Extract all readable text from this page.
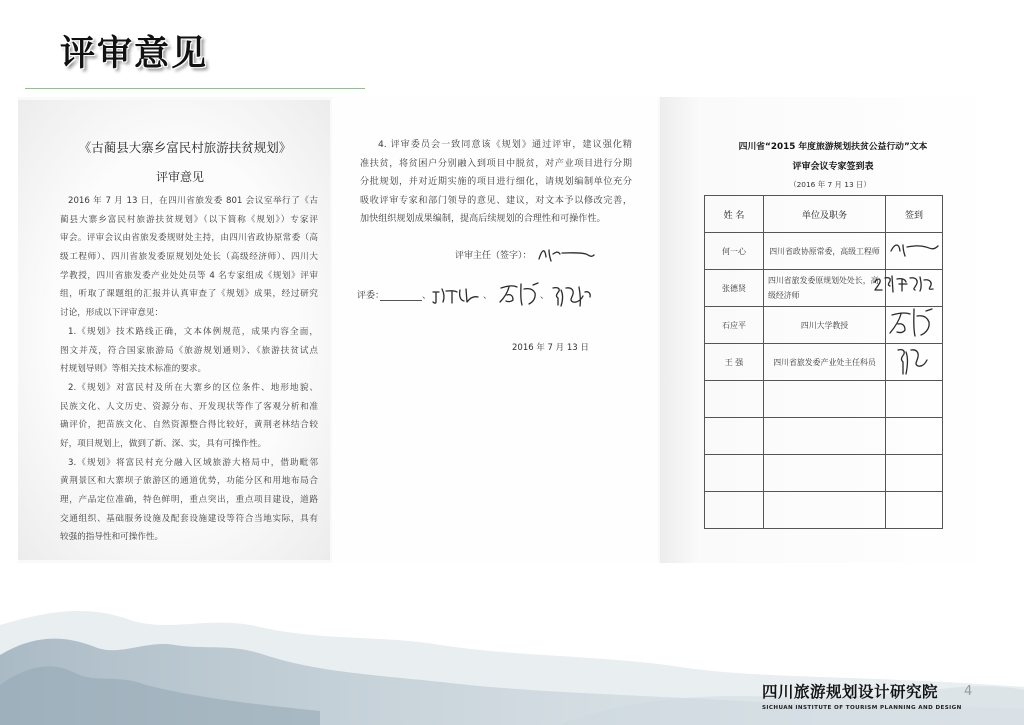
评审意见
《古蔺县大寨乡富民村旅游扶贫规划》
评审意见
2016 年 7 月 13 日，在四川省旅发委 801 会议室举行了《古
蔺县大寨乡富民村旅游扶贫规划》（以下简称《规划》）专家评
审会。评审会议由省旅发委规财处主持，由四川省政协原常委（高
级工程师）、四川省旅发委原规划处处长（高级经济师）、四川大
学教授，四川省旅发委产业处处员等 4 名专家组成《规划》评审
组，听取了课题组的汇报并认真审查了《规划》成果，经过研究
讨论，形成以下评审意见：
1.《规划》技术路线正确，文本体例规范，成果内容全面，
图文并茂，符合国家旅游局《旅游规划通则》、《旅游扶贫试点
村规划导则》等相关技术标准的要求。
2.《规划》对富民村及所在大寨乡的区位条件、地形地貌、
民族文化、人文历史、资源分布、开发现状等作了客观分析和准
确评价，把苗族文化、自然资源整合得比较好，黄荆老林结合较
好，项目规划上，做到了新、深、实，具有可操作性。
3.《规划》将富民村充分融入区域旅游大格局中，借助毗邻
黄荆景区和大寨坝子旅游区的通道优势，功能分区和用地布局合
理，产品定位准确，特色鲜明，重点突出，重点项目建设，道路
交通组织、基础服务设施及配套设施建设等符合当地实际，具有
较强的指导性和可操作性。
4. 评审委员会一致同意该《规划》通过评审，建议强化精
准扶贫，将贫困户分别融入到项目中脱贫，对产业项目进行分期
分批规划，并对近期实施的项目进行细化，请规划编制单位充分
吸收评审专家和部门领导的意见、建议，对文本予以修改完善，
加快组织规划成果编制，提高后续规划的合理性和可操作性。
评审主任（签字）：
评委：	、	、	、
2016 年 7 月 13 日
四川省“2015 年度旅游规划扶贫公益行动”文本
评审会议专家签到表
（2016 年 7 月 13 日）
姓 名	单位及职务	签到
何一心	四川省政协原常委，高级工程师	

张德贤	四川省旅发委原规划处处长，高级经济师	

石应平	四川大学教授	

王 强	四川省旅发委产业处主任科员	

四川旅游规划设计研究院
SICHUAN INSTITUTE OF TOURISM PLANNING AND DESIGN
4
